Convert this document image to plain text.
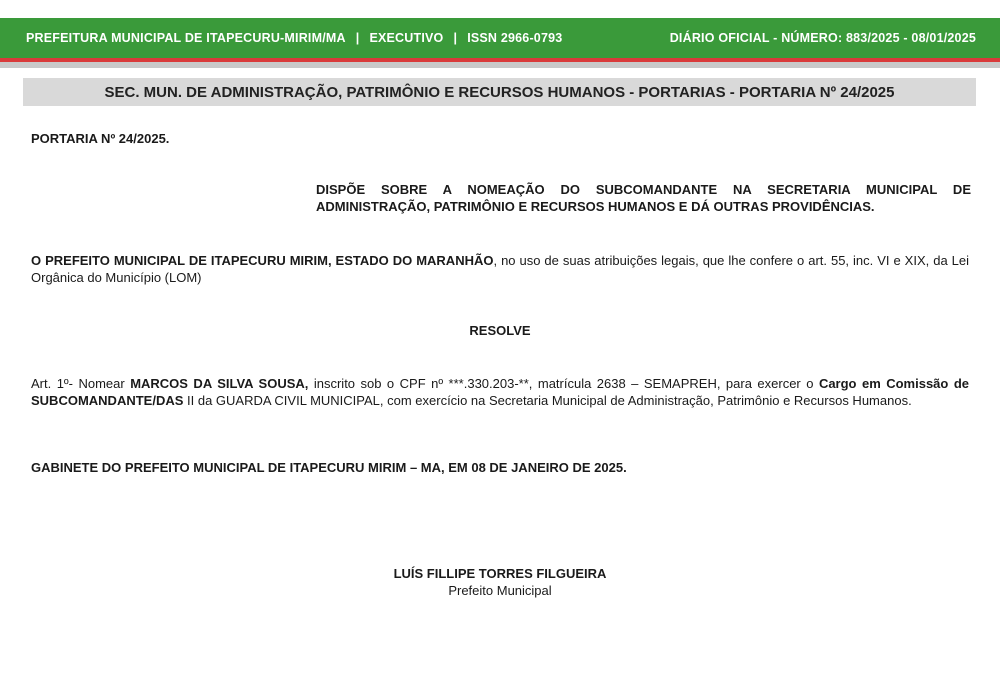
PREFEITURA MUNICIPAL DE ITAPECURU-MIRIM/MA | EXECUTIVO | ISSN 2966-0793	DIÁRIO OFICIAL - NÚMERO: 883/2025 - 08/01/2025
SEC. MUN. DE ADMINISTRAÇÃO, PATRIMÔNIO E RECURSOS HUMANOS - PORTARIAS - PORTARIA Nº 24/2025
PORTARIA Nº 24/2025.
DISPÕE SOBRE A NOMEAÇÃO DO SUBCOMANDANTE NA SECRETARIA MUNICIPAL DE ADMINISTRAÇÃO, PATRIMÔNIO E RECURSOS HUMANOS E DÁ OUTRAS PROVIDÊNCIAS.
O PREFEITO MUNICIPAL DE ITAPECURU MIRIM, ESTADO DO MARANHÃO, no uso de suas atribuições legais, que lhe confere o art. 55, inc. VI e XIX, da Lei Orgânica do Município (LOM)
RESOLVE
Art. 1º- Nomear MARCOS DA SILVA SOUSA, inscrito sob o CPF nº ***.330.203-**, matrícula 2638 – SEMAPREH, para exercer o Cargo em Comissão de SUBCOMANDANTE/DAS II da GUARDA CIVIL MUNICIPAL, com exercício na Secretaria Municipal de Administração, Patrimônio e Recursos Humanos.
GABINETE DO PREFEITO MUNICIPAL DE ITAPECURU MIRIM – MA, EM 08 DE JANEIRO DE 2025.
LUÍS FILLIPE TORRES FILGUEIRA
Prefeito Municipal
